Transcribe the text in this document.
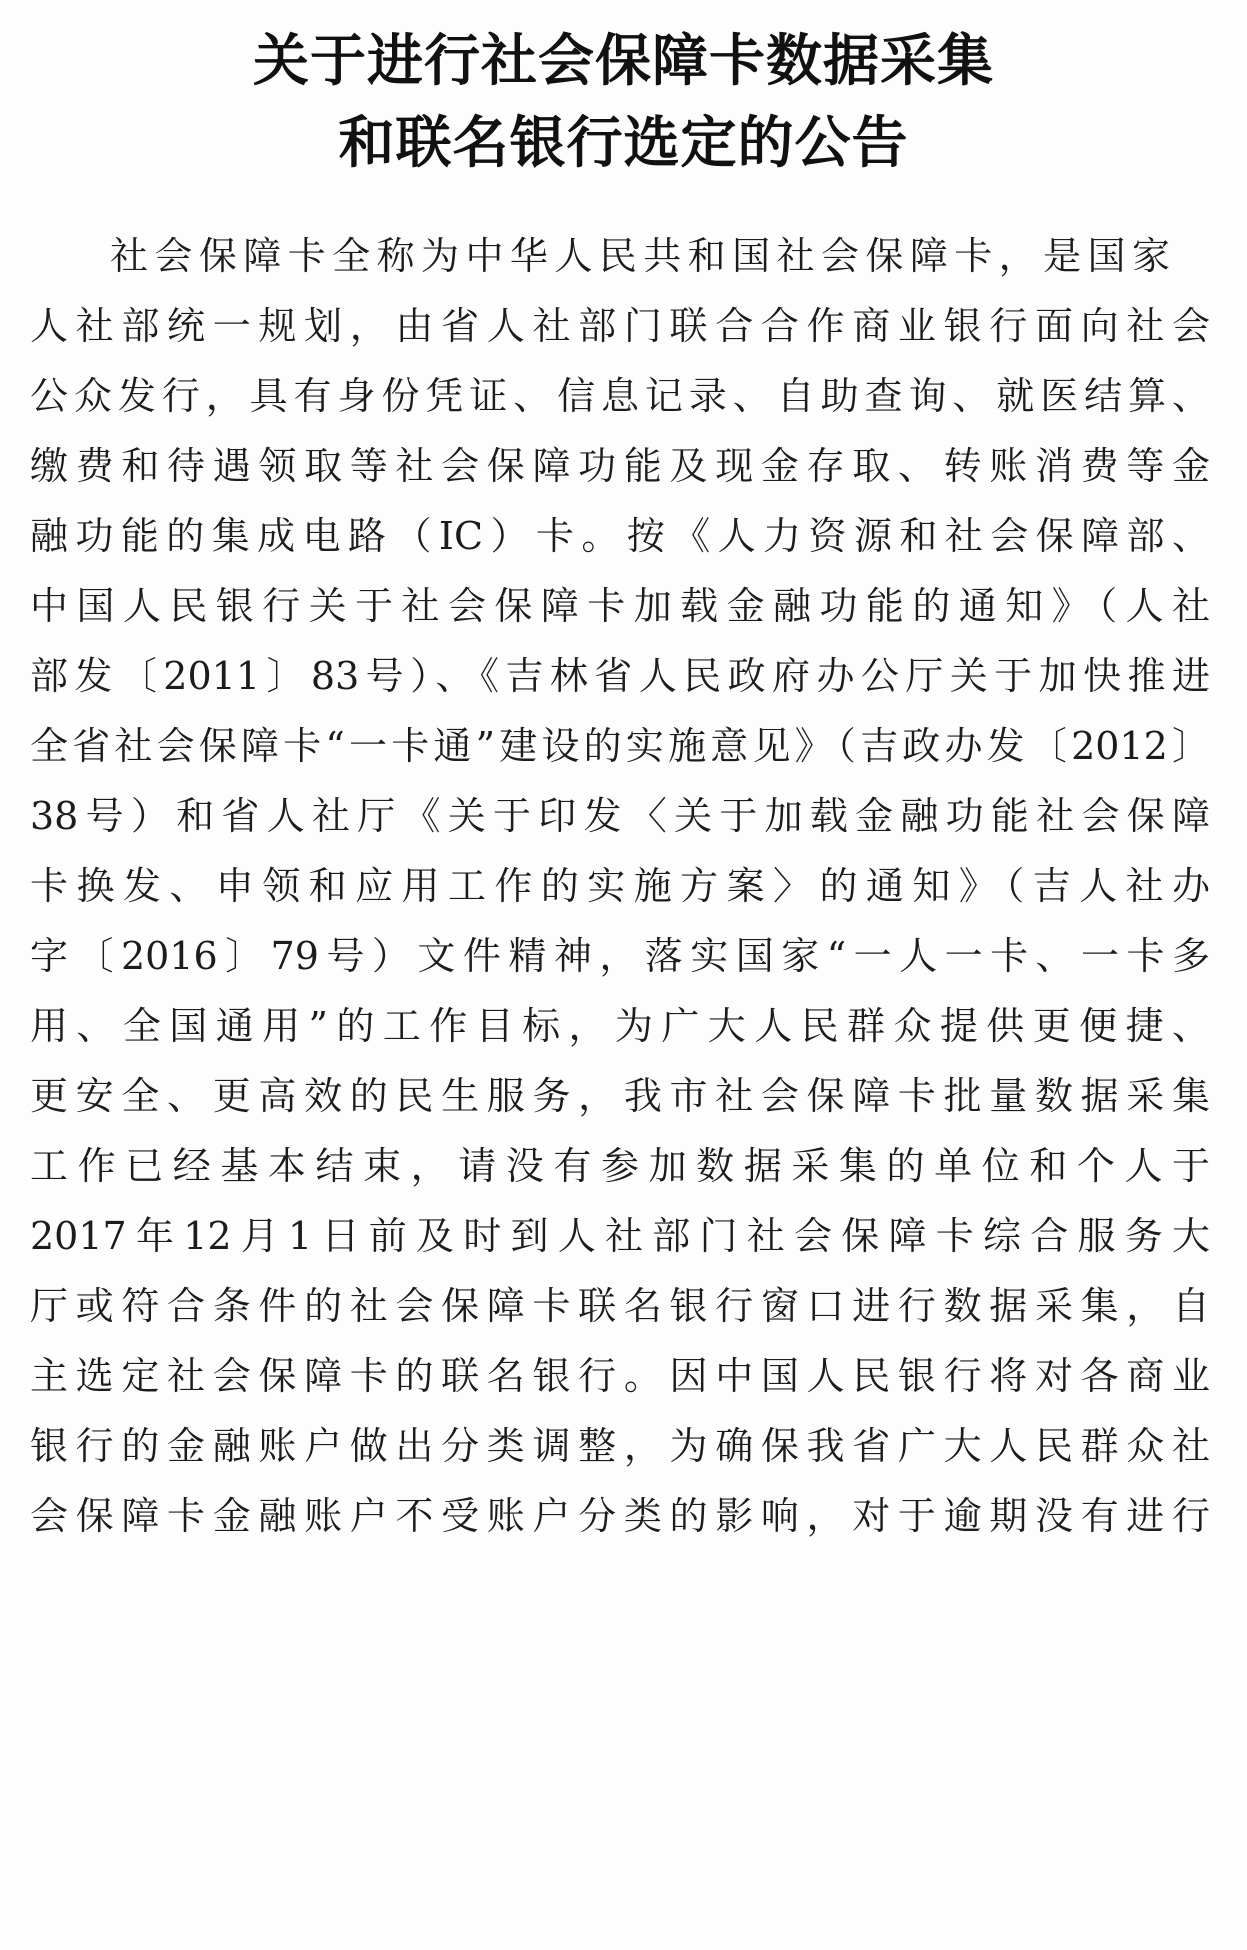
关于进行社会保障卡数据采集
和联名银行选定的公告
社会保障卡全称为中华人民共和国社会保障卡，是国家
人社部统一规划，由省人社部门联合合作商业银行面向社会
公众发行，具有身份凭证、信息记录、自助查询、就医结算、
缴费和待遇领取等社会保障功能及现金存取、转账消费等金
融功能的集成电路（IC）卡。按《人力资源和社会保障部、
中国人民银行关于社会保障卡加载金融功能的通知》（人社
部发〔2011〕83号）、《吉林省人民政府办公厅关于加快推进
全省社会保障卡“一卡通”建设的实施意见》（吉政办发〔2012〕
38号）和省人社厅《关于印发〈关于加载金融功能社会保障
卡换发、申领和应用工作的实施方案〉的通知》（吉人社办
字〔2016〕79号）文件精神，落实国家“一人一卡、一卡多
用、全国通用”的工作目标，为广大人民群众提供更便捷、
更安全、更高效的民生服务，我市社会保障卡批量数据采集
工作已经基本结束，请没有参加数据采集的单位和个人于
2017年12月1日前及时到人社部门社会保障卡综合服务大
厅或符合条件的社会保障卡联名银行窗口进行数据采集，自
主选定社会保障卡的联名银行。因中国人民银行将对各商业
银行的金融账户做出分类调整，为确保我省广大人民群众社
会保障卡金融账户不受账户分类的影响，对于逾期没有进行
